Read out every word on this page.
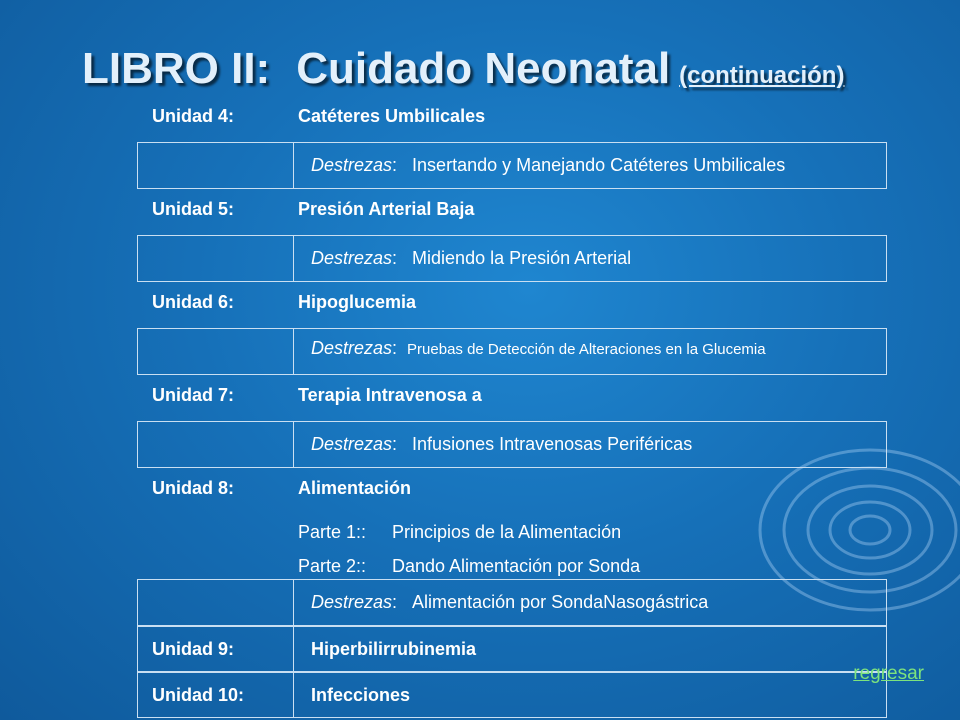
LIBRO II: Cuidado Neonatal (continuación)
Unidad 4:	Catéteres Umbilicales
Destrezas : Insertando y Manejando Catéteres Umbilicales
Unidad 5:	Presión Arterial Baja
Destrezas : Midiendo la Presión Arterial
Unidad 6:	Hipoglucemia
Destrezas:  Pruebas de Detección de Alteraciones en la Glucemia
Unidad 7:	Terapia Intravenosa a
Destrezas : Infusiones Intravenosas Periféricas
Unidad 8:	Alimentación
Parte 1:: Principios de la Alimentación
Parte 2:: Dando Alimentación por Sonda
Destrezas : Alimentación por SondaNasogástrica
Unidad 9:	Hiperbilirrubinemia
Unidad 10:	Infecciones
regresar
